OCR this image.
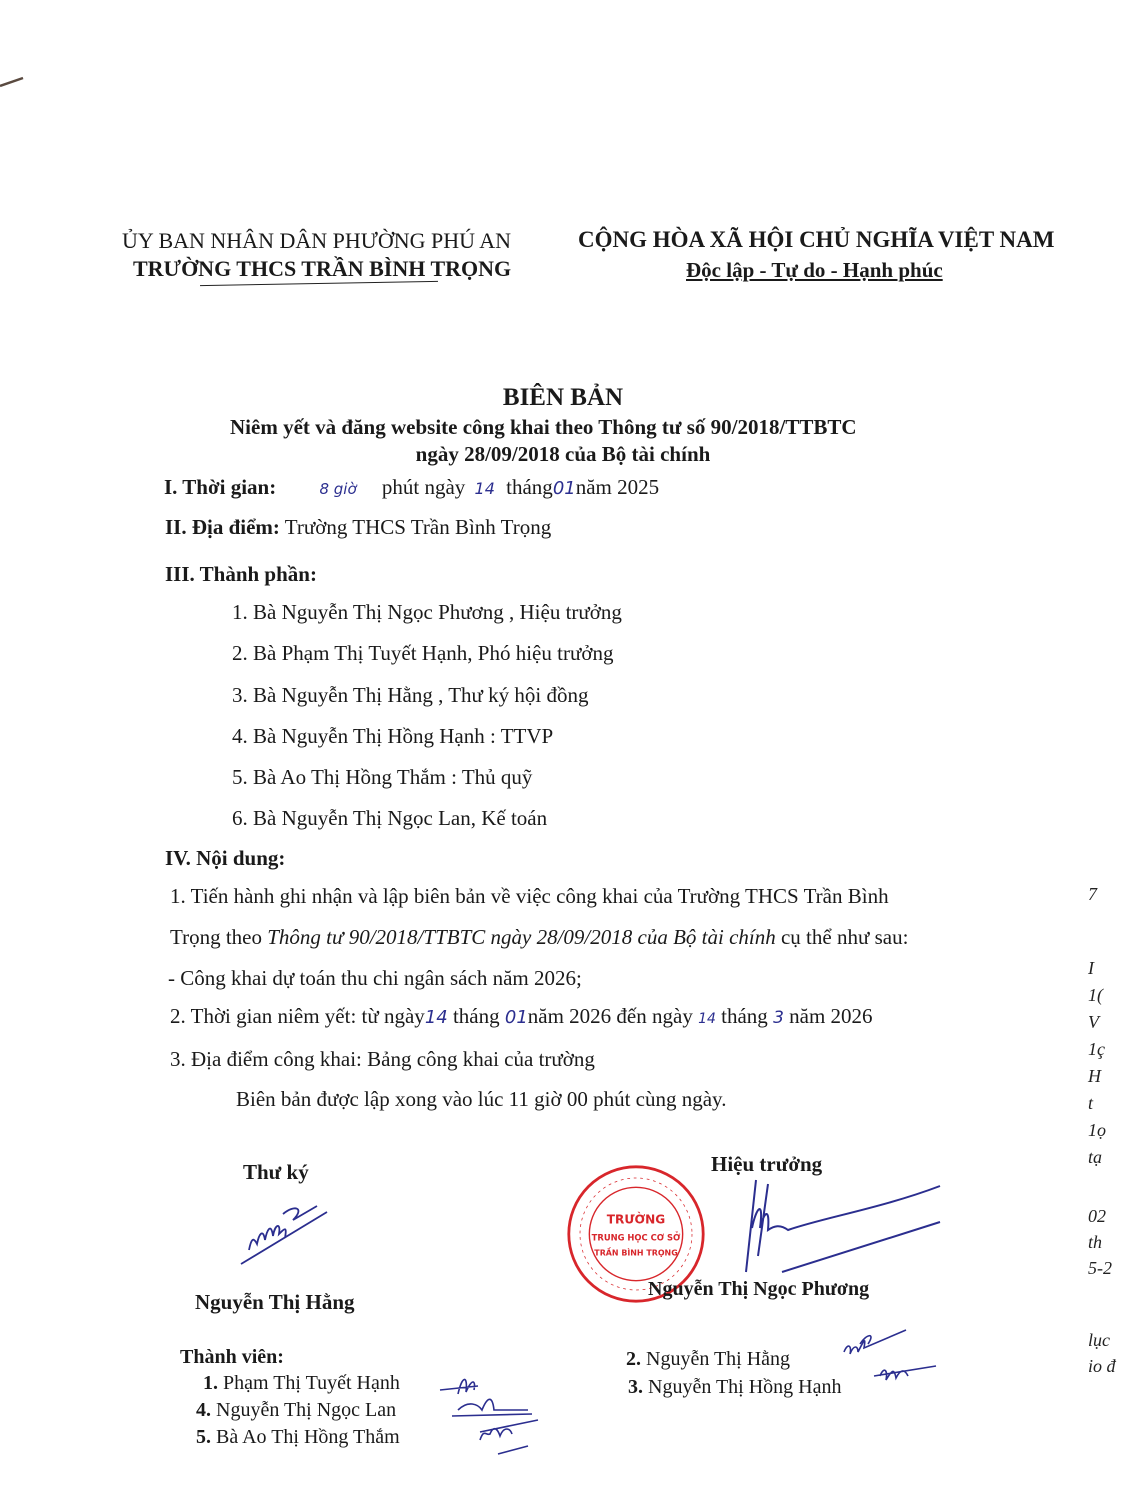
ỦY BAN NHÂN DÂN PHƯỜNG PHÚ AN
TRƯỜNG THCS TRẦN BÌNH TRỌNG
CỘNG HÒA XÃ HỘI CHỦ NGHĨA VIỆT NAM
Độc lập - Tự do - Hạnh phúc
BIÊN BẢN
Niêm yết và đăng website công khai theo Thông tư số 90/2018/TTBTC
ngày 28/09/2018 của Bộ tài chính
I. Thời gian:	8 giờ phút ngày 14 tháng01năm 2025
II. Địa điểm: Trường THCS Trần Bình Trọng
III. Thành phần:
1. Bà Nguyễn Thị Ngọc Phương , Hiệu trưởng
2. Bà Phạm Thị Tuyết Hạnh, Phó hiệu trưởng
3. Bà Nguyễn Thị Hằng , Thư ký hội đồng
4. Bà Nguyễn Thị Hồng Hạnh : TTVP
5. Bà Ao Thị Hồng Thắm : Thủ quỹ
6. Bà Nguyễn Thị Ngọc Lan, Kế toán
IV. Nội dung:
1. Tiến hành ghi nhận và lập biên bản về việc công khai của Trường THCS Trần Bình
Trọng theo Thông tư 90/2018/TTBTC ngày 28/09/2018 của Bộ tài chính cụ thể như sau:
- Công khai dự toán thu chi ngân sách năm 2026;
2. Thời gian niêm yết: từ ngày14 tháng 01năm 2026 đến ngày 14 tháng 3 năm 2026
3. Địa điểm công khai: Bảng công khai của trường
Biên bản được lập xong vào lúc 11 giờ 00 phút cùng ngày.
Thư ký
Nguyễn Thị Hằng
TRƯỜNG
TRUNG HỌC CƠ SỞ
TRẦN BÌNH TRỌNG
Hiệu trưởng
Nguyễn Thị Ngọc Phương
Thành viên:
1. Phạm Thị Tuyết Hạnh
4. Nguyễn Thị Ngọc Lan
5. Bà Ao Thị Hồng Thắm
2. Nguyễn Thị Hằng
3. Nguyễn Thị Hồng Hạnh
7
I
1(
V
1ç
H
t
1ọ
tạ
02
th
5-2
lục
io đ
